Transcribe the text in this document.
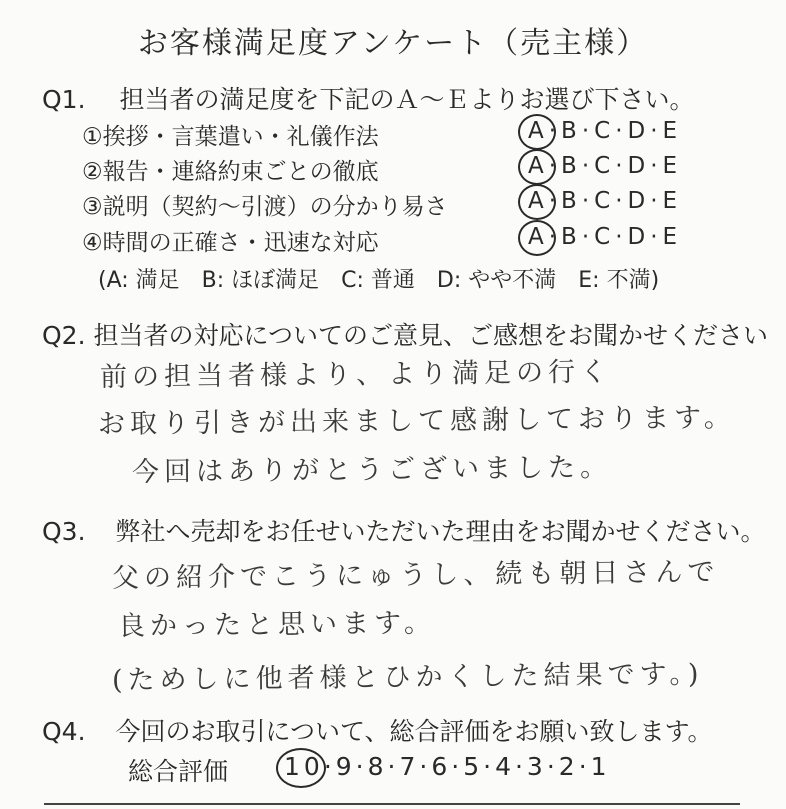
お客様満足度アンケート（売主様）
Q1. 担当者の満足度を下記のＡ～Ｅよりお選び下さい。
①挨拶・言葉遣い・礼儀作法
②報告・連絡約束ごとの徹底
③説明（契約～引渡）の分かり易さ
④時間の正確さ・迅速な対応
A·B·C·D·E
A·B·C·D·E
A·B·C·D·E
A·B·C·D·E
(A: 満足　B: ほぼ満足　C: 普通　D: やや不満　E: 不満)
Q2. 担当者の対応についてのご意見、ご感想をお聞かせください
前の担当者様より、より満足の行く
お取り引きが出来まして感謝しております。
今回はありがとうございました。
Q3. 弊社へ売却をお任せいただいた理由をお聞かせください。
父の紹介でこうにゅうし、続も朝日さんで
良かったと思います。
(ためしに他者様とひかくした結果です。)
Q4. 今回のお取引について、総合評価をお願い致します。
総合評価 10·9·8·7·6·5·4·3·2·1
